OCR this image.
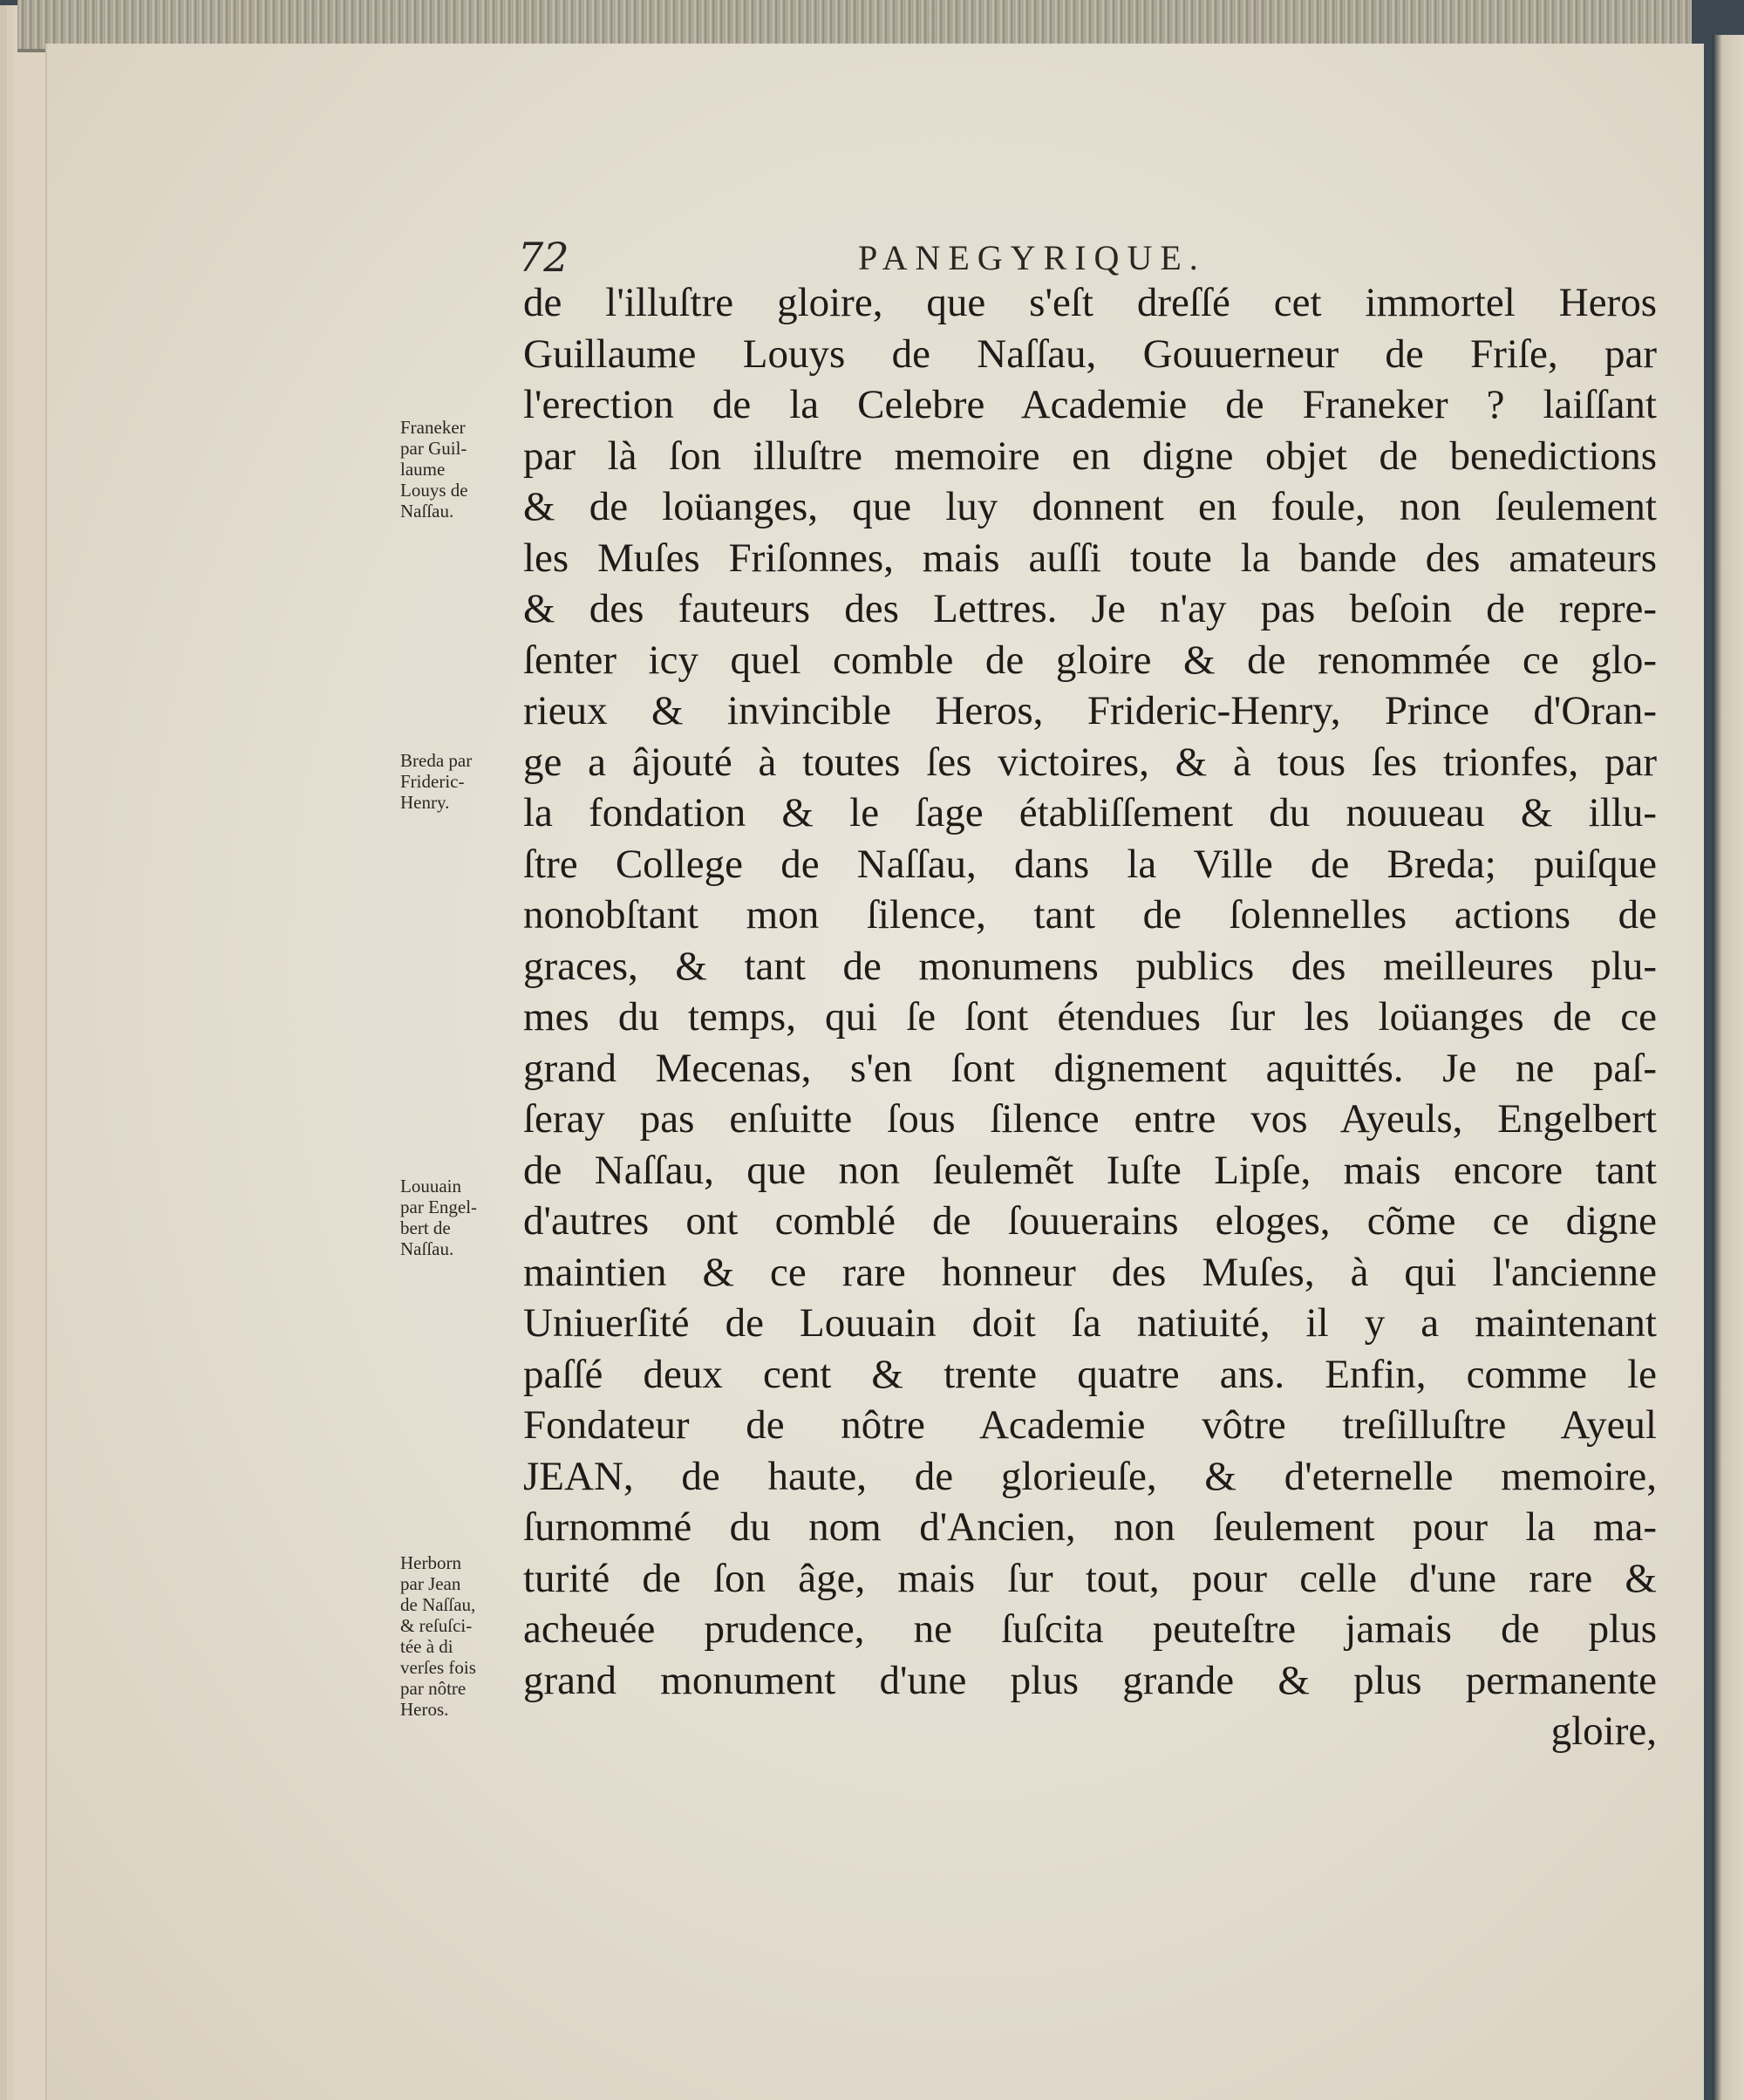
72	PANEGYRIQUE.
Franeker
par Guil-
laume
Louys de
Naſſau.
Breda par
Frideric-
Henry.
Louuain
par Engel-
bert de
Naſſau.
Herborn
par Jean
de Naſſau,
& reſuſci-
tée à di
verſes fois
par nôtre
Heros.
de l'illuſtre gloire, que s'eſt dreſſé cet immortel Heros
Guillaume Louys de Naſſau, Gouuerneur de Friſe, par
l'erection de la Celebre Academie de Franeker ? laiſſant
par là ſon illuſtre memoire en digne objet de benedictions
& de loüanges, que luy donnent en foule, non ſeulement
les Muſes Friſonnes, mais auſſi toute la bande des amateurs
& des fauteurs des Lettres. Je n'ay pas beſoin de repre-
ſenter icy quel comble de gloire & de renommée ce glo-
rieux & invincible Heros, Frideric-Henry, Prince d'Oran-
ge a âjouté à toutes ſes victoires, & à tous ſes trionfes, par
la fondation & le ſage établiſſement du nouueau & illu-
ſtre College de Naſſau, dans la Ville de Breda; puiſque
nonobſtant mon ſilence, tant de ſolennelles actions de
graces, & tant de monumens publics des meilleures plu-
mes du temps, qui ſe ſont étendues ſur les loüanges de ce
grand Mecenas, s'en ſont dignement aquittés. Je ne paſ-
ſeray pas enſuitte ſous ſilence entre vos Ayeuls, Engelbert
de Naſſau, que non ſeulemẽt Iuſte Lipſe, mais encore tant
d'autres ont comblé de ſouuerains eloges, cõme ce digne
maintien & ce rare honneur des Muſes, à qui l'ancienne
Uniuerſité de Louuain doit ſa natiuité, il y a maintenant
paſſé deux cent & trente quatre ans. Enfin, comme le
Fondateur de nôtre Academie vôtre treſilluſtre Ayeul
JEAN, de haute, de glorieuſe, & d'eternelle memoire,
ſurnommé du nom d'Ancien, non ſeulement pour la ma-
turité de ſon âge, mais ſur tout, pour celle d'une rare &
acheuée prudence, ne ſuſcita peuteſtre jamais de plus
grand monument d'une plus grande & plus permanente
gloire,
